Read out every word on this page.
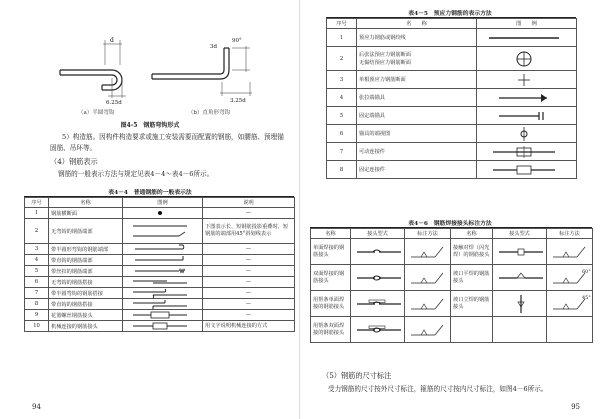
d
6.25d
3d
90°
3.25d
（a）半圆弯钩	（b）直角形弯钩
图4-5　钢筋弯钩形式
5）构造筋。因构件构造要求或施工安装需要而配置的钢筋，如腰筋、预埋锚固筋、吊环等。
（4）钢筋表示
钢筋的一般表示方法与规定见表4－4～表4－6所示。
表4－4　普通钢筋的一般表示法
序号	名称	图例	说明
1	钢筋横断面		—
2	无弯钩的钢筋端部		下图表示长、短钢筋投影重叠时，短钢筋的端部用45°斜划线表示
3	带半圆形弯钩的钢筋端部		—
4	带直钩的钢筋端部		—
5	带丝扣的钢筋端部		—
6	无弯钩的钢筋搭接		—
7	带半圆弯钩的钢筋搭接		—
8	带直钩的钢筋搭接		—
9	花篮螺丝钢筋接头		—
10	机械连接的钢筋接头		用文字说明机械连接的方式
94
表4－5　预应力钢筋的表示方法
序号	名　　称	图　　例
1	预应力钢筋或钢绞线	

2	后张法预应力钢筋断面
无黏结预应力钢筋断面	

3	单根预应力钢筋断面	

4	张拉端锚具	

5	固定端锚具	

6	锚具的端视图	

7	可动连接件	

8	固定连接件	
表4－6　钢筋焊接接头标注方法
名称	接头型式	标注方法	名称	接头型式	标注方法
单面焊接的钢筋接头			接触对焊（闪光焊）的钢筋接头	

双面焊接的钢筋接头			坡口平焊的钢筋接头		60°

用帮条单面焊接的钢筋接头			坡口立焊的钢筋接头		45°

用帮条双面焊接的钢筋接头	

（5）钢筋的尺寸标注
受力钢筋的尺寸按外尺寸标注，箍筋的尺寸按内尺寸标注，如图4－6所示。
95
